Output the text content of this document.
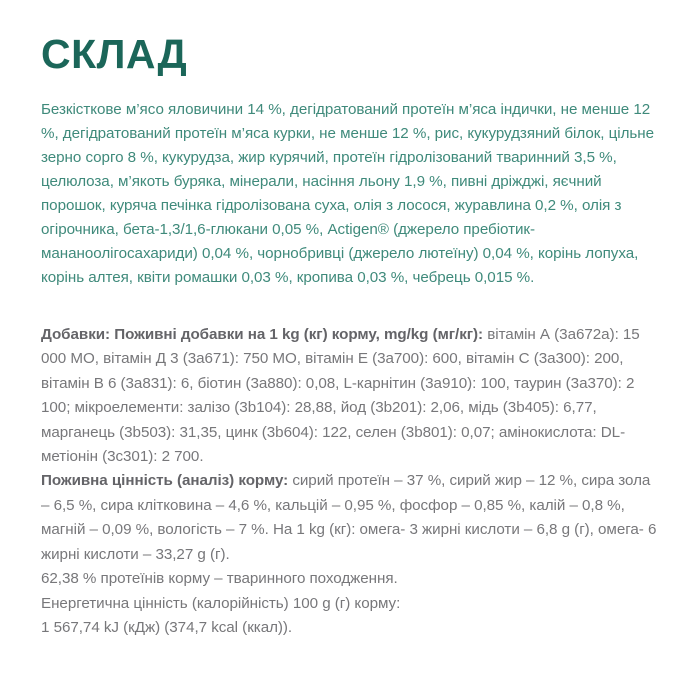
СКЛАД
Безкісткове м’ясо яловичини 14 %, дегідратований протеїн м’яса індички, не менше 12 %, дегідратований протеїн м’яса курки, не менше 12 %, рис, кукурудзяний білок, цільне зерно сорго 8 %, кукурудза, жир курячий, протеїн гідролізований тваринний 3,5 %, целюлоза, м’якоть буряка, мінерали, насіння льону 1,9 %, пивні дріжджі, яєчний порошок, куряча печінка гідролізована суха, олія з лосося, журавлина 0,2 %, олія з огірочника, бета-1,3/1,6-глюкани 0,05 %, Actigen® (джерело пребіотик-мананоолігосахариди) 0,04 %, чорнобривці (джерело лютеїну) 0,04 %, корінь лопуха, корінь алтея, квіти ромашки 0,03 %, кропива 0,03 %, чебрець 0,015 %.

Добавки: Поживні добавки на 1 kg (кг) корму, mg/kg (мг/кг): вітамін А (3а672а): 15 000 МО, вітамін Д 3 (3а671): 750 МО, вітамін Е (3а700): 600, вітамін С (3а300): 200, вітамін В 6 (3а831): 6, біотин (3а880): 0,08, L-карнітин (3а910): 100, таурин (3а370): 2 100; мікроелементи: залізо (3b104): 28,88, йод (3b201): 2,06, мідь (3b405): 6,77, марганець (3b503): 31,35, цинк (3b604): 122, селен (3b801): 0,07; амінокислота: DL-метіонін (3с301): 2 700.

Поживна цінність (аналіз) корму: сирий протеїн – 37 %, сирий жир – 12 %, сира зола – 6,5 %, сира клітковина – 4,6 %, кальцій – 0,95 %, фосфор – 0,85 %, калій – 0,8 %, магній – 0,09 %, вологість – 7 %. На 1 kg (кг): омега- 3 жирні кислоти – 6,8 g (г), омега- 6 жирні кислоти – 33,27 g (г).

62,38 % протеїнів корму – тваринного походження.

Енергетична цінність (калорійність) 100 g (г) корму:

1 567,74 kJ (кДж) (374,7 kcal (ккал)).
